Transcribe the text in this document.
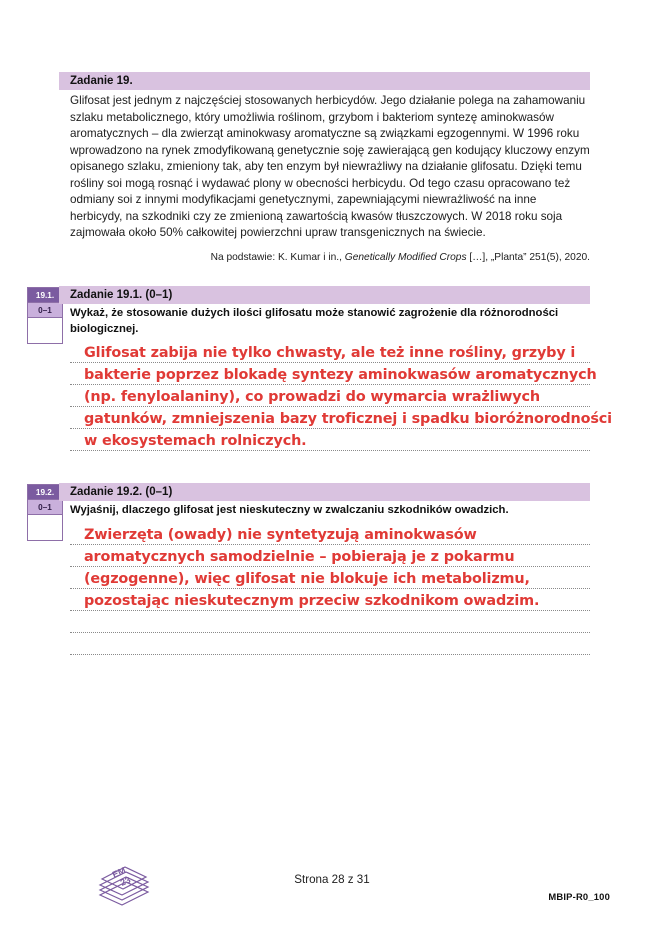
Zadanie 19.

Glifosat jest jednym z najczęściej stosowanych herbicydów. Jego działanie polega na zahamowaniu szlaku metabolicznego, który umożliwia roślinom, grzybom i bakteriom syntezę aminokwasów aromatycznych – dla zwierząt aminokwasy aromatyczne są związkami egzogennymi. W 1996 roku wprowadzono na rynek zmodyfikowaną genetycznie soję zawierającą gen kodujący kluczowy enzym opisanego szlaku, zmieniony tak, aby ten enzym był niewrażliwy na działanie glifosatu. Dzięki temu rośliny soi mogą rosnąć i wydawać plony w obecności herbicydu. Od tego czasu opracowano też odmiany soi z innymi modyfikacjami genetycznymi, zapewniającymi niewrażliwość na inne herbicydy, na szkodniki czy ze zmienioną zawartością kwasów tłuszczowych. W 2018 roku soja zajmowała około 50% całkowitej powierzchni upraw transgenicznych na świecie.

Na podstawie: K. Kumar i in., Genetically Modified Crops […], „Planta” 251(5), 2020.
19.1.
0–1
Zadanie 19.1. (0–1)
Wykaż, że stosowanie dużych ilości glifosatu może stanowić zagrożenie dla różnorodności biologicznej.
Glifosat zabija nie tylko chwasty, ale też inne rośliny, grzyby i
bakterie poprzez blokadę syntezy aminokwasów aromatycznych
(np. fenyloalaniny), co prowadzi do wymarcia wrażliwych
gatunków, zmniejszenia bazy troficznej i spadku bioróżnorodności
w ekosystemach rolniczych.
19.2.
0–1
Zadanie 19.2. (0–1)
Wyjaśnij, dlaczego glifosat jest nieskuteczny w zwalczaniu szkodników owadzich.
Zwierzęta (owady) nie syntetyzują aminokwasów
aromatycznych samodzielnie – pobierają je z pokarmu
(egzogenne), więc glifosat nie blokuje ich metabolizmu,
pozostając nieskutecznym przeciw szkodnikom owadzim.
EM
23	Strona 28 z 31
MBIP-R0_100
